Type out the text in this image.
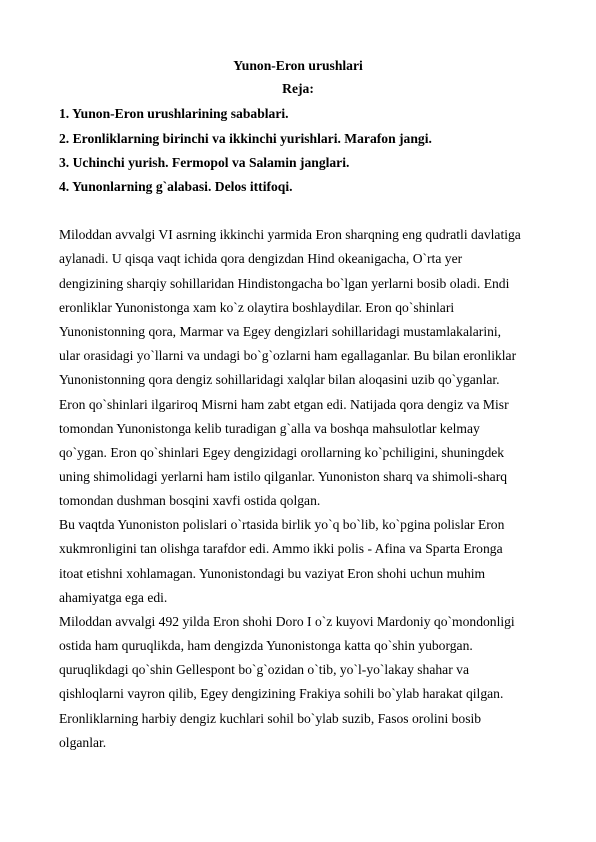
Yunon-Eron urushlari
Reja:
1. Yunon-Eron urushlarining sabablari.
2. Eronliklarning birinchi va ikkinchi yurishlari. Marafon jangi.
3. Uchinchi yurish. Fermopol va Salamin janglari.
4. Yunonlarning g`alabasi. Delos ittifoqi.
Miloddan avvalgi VI asrning ikkinchi yarmida Eron sharqning eng qudratli davlatiga
aylanadi. U qisqa vaqt ichida qora dengizdan Hind okeanigacha, O`rta yer
dengizining sharqiy sohillaridan Hindistongacha bo`lgan yerlarni bosib oladi. Endi
eronliklar Yunonistonga xam ko`z olaytira boshlaydilar. Eron qo`shinlari
Yunonistonning qora, Marmar va Egey dengizlari sohillaridagi mustamlakalarini,
ular orasidagi yo`llarni va undagi bo`g`ozlarni ham egallaganlar. Bu bilan eronliklar
Yunonistonning qora dengiz sohillaridagi xalqlar bilan aloqasini uzib qo`yganlar.
Eron qo`shinlari ilgariroq Misrni ham zabt etgan edi. Natijada qora dengiz va Misr
tomondan Yunonistonga kelib turadigan g`alla va boshqa mahsulotlar kelmay
qo`ygan. Eron qo`shinlari Egey dengizidagi orollarning ko`pchiligini, shuningdek
uning shimolidagi yerlarni ham istilo qilganlar. Yunoniston sharq va shimoli-sharq
tomondan dushman bosqini xavfi ostida qolgan.
Bu vaqtda Yunoniston polislari o`rtasida birlik yo`q bo`lib, ko`pgina polislar Eron
xukmronligini tan olishga tarafdor edi. Ammo ikki polis - Afina va Sparta Eronga
itoat etishni xohlamagan. Yunonistondagi bu vaziyat Eron shohi uchun muhim
ahamiyatga ega edi.
Miloddan avvalgi 492 yilda Eron shohi Doro I o`z kuyovi Mardoniy qo`mondonligi
ostida ham quruqlikda, ham dengizda Yunonistonga katta qo`shin yuborgan.
quruqlikdagi qo`shin Gellespont bo`g`ozidan o`tib, yo`l-yo`lakay shahar va
qishloqlarni vayron qilib, Egey dengizining Frakiya sohili bo`ylab harakat qilgan.
Eronliklarning harbiy dengiz kuchlari sohil bo`ylab suzib, Fasos orolini bosib
olganlar.
